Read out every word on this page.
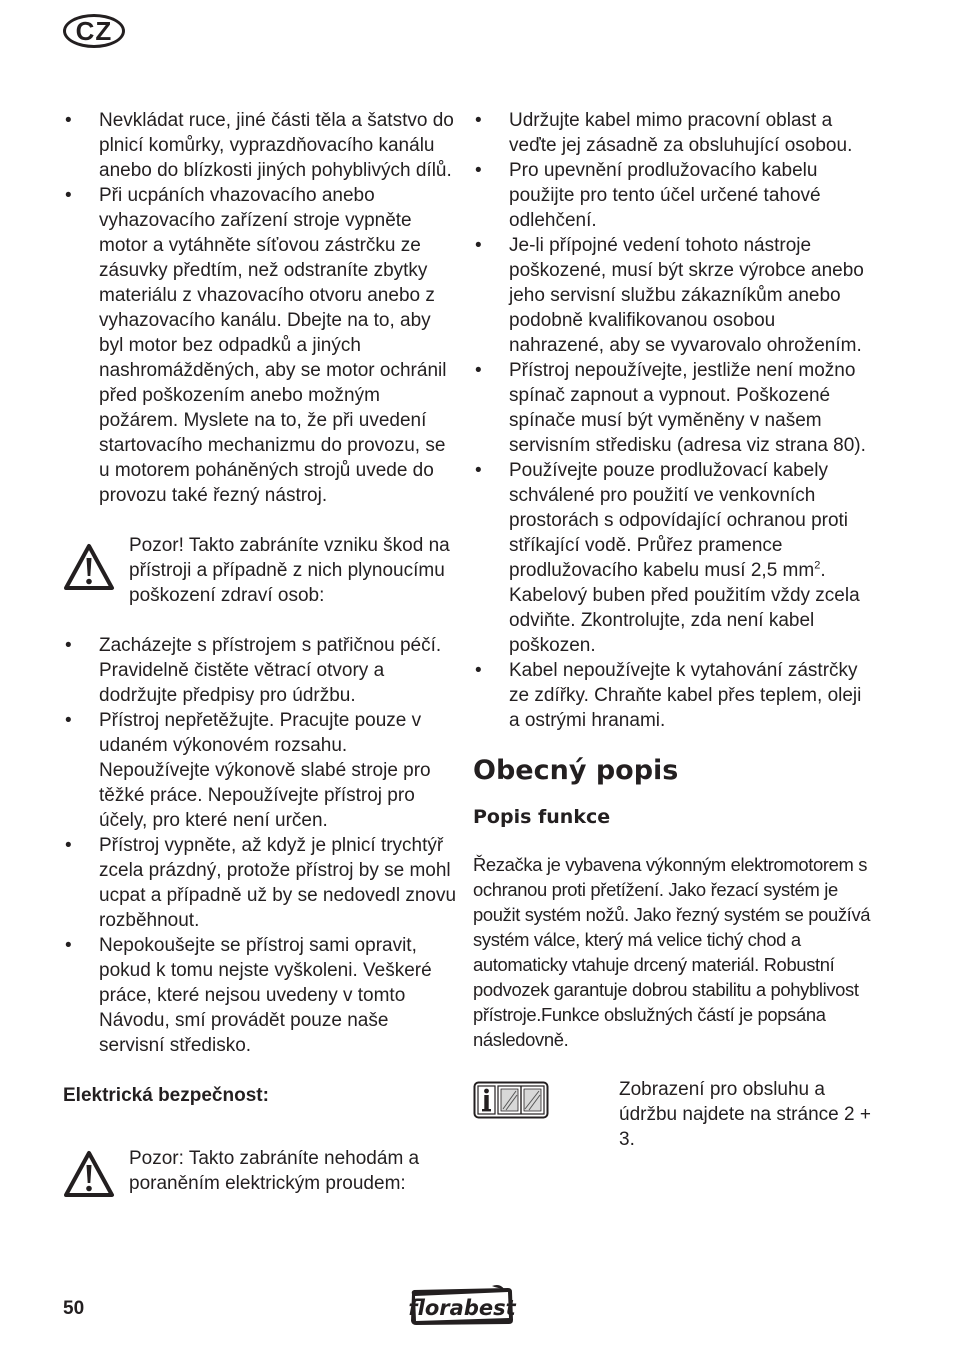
CZ
• Nevkládat ruce, jiné části těla a šatstvo do plnicí komůrky, vyprazdňovacího kanálu anebo do blízkosti jiných pohyblivých dílů.
• Při ucpáních vhazovacího anebo vyhazovacího zařízení stroje vypněte motor a vytáhněte síťovou zástrčku ze zásuvky předtím, než odstraníte zbytky materiálu z vhazovacího otvoru anebo z vyhazovacího kanálu. Dbejte na to, aby byl motor bez odpadků a jiných nashromážděných, aby se motor ochránil před poškozením anebo možným požárem. Myslete na to, že při uvedení startovacího mechanizmu do provozu, se u motorem poháněných strojů uvede do provozu také řezný nástroj.
Pozor! Takto zabráníte vzniku škod na přístroji a případně z nich plynoucímu poškození zdraví osob:
• Zacházejte s přístrojem s patřičnou péčí. Pravidelně čistěte větrací otvory a dodržujte předpisy pro údržbu.
• Přístroj nepřetěžujte. Pracujte pouze v udaném výkonovém rozsahu. Nepoužívejte výkonově slabé stroje pro těžké práce. Nepoužívejte přístroj pro účely, pro které není určen.
• Přístroj vypněte, až když je plnicí trychtýř zcela prázdný, protože přístroj by se mohl ucpat a případně už by se nedovedl znovu rozběhnout.
• Nepokoušejte se přístroj sami opravit, pokud k tomu nejste vyškoleni. Veškeré práce, které nejsou uvedeny v tomto Návodu, smí provádět pouze naše servisní středisko.
Elektrická bezpečnost:
Pozor: Takto zabráníte nehodám a poraněním elektrickým proudem:
• Udržujte kabel mimo pracovní oblast a veďte jej zásadně za obsluhující osobou.
• Pro upevnění prodlužovacího kabelu použijte pro tento účel určené tahové odlehčení.
• Je-li přípojné vedení tohoto nástroje poškozené, musí být skrze výrobce anebo jeho servisní službu zákazníkům anebo podobně kvalifikovanou osobou nahrazené, aby se vyvarovalo ohrožením.
• Přístroj nepoužívejte, jestliže není možno spínač zapnout a vypnout. Poškozené spínače musí být vyměněny v našem servisním středisku (adresa viz strana 80).
• Používejte pouze prodlužovací kabely schválené pro použití ve venkovních prostorách s odpovídající ochranou proti stříkající vodě. Průřez pramence prodlužovacího kabelu musí 2,5 $mm^2$. Kabelový buben před použitím vždy zcela odviňte. Zkontrolujte, zda není kabel poškozen.
• Kabel nepoužívejte k vytahování zástrčky ze zdířky. Chraňte kabel přes teplem, oleji a ostrými hranami.
Obecný popis
Popis funkce
Řezačka je vybavena výkonným elektromotorem s ochranou proti přetížení. Jako řezací systém je použit systém nožů. Jako řezný systém se používá systém válce, který má velice tichý chod a automaticky vtahuje drcený materiál. Robustní podvozek garantuje dobrou stabilitu a pohyblivost přístroje.Funkce obslužných částí je popsána následovně.
Zobrazení pro obsluhu a údržbu najdete na stránce 2 + 3.
50	florabest
